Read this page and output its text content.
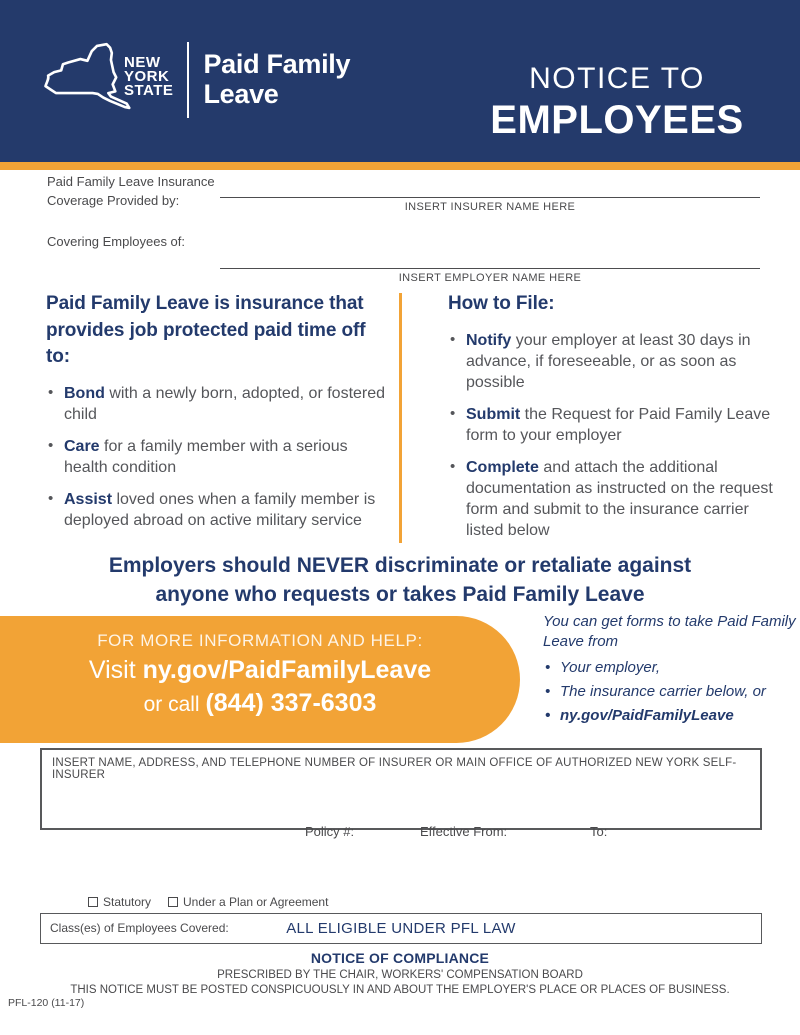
NEW
YORK
STATE
Paid Family
Leave	NOTICE TO
EMPLOYEES
Paid Family Leave Insurance
Coverage Provided by:	INSERT INSURER NAME HERE
Covering Employees of:
INSERT EMPLOYER NAME HERE
Paid Family Leave is insurance that provides job protected paid time off to:
• Bond with a newly born, adopted, or fostered child
• Care for a family member with a serious health condition
• Assist loved ones when a family member is deployed abroad on active military service
How to File:
• Notify your employer at least 30 days in advance, if foreseeable, or as soon as possible
• Submit the Request for Paid Family Leave form to your employer
• Complete and attach the additional documentation as instructed on the request form and submit to the insurance carrier listed below
Employers should NEVER discriminate or retaliate against
anyone who requests or takes Paid Family Leave
FOR MORE INFORMATION AND HELP:
Visit ny.gov/PaidFamilyLeave
or call (844) 337-6303
You can get forms to take Paid Family Leave from
• Your employer,
• The insurance carrier below, or
• ny.gov/PaidFamilyLeave
INSERT NAME, ADDRESS, AND TELEPHONE NUMBER OF INSURER OR MAIN OFFICE OF AUTHORIZED NEW YORK SELF-INSURER
Policy #:	Effective From:	To:
Statutory	Under a Plan or Agreement
Class(es) of Employees Covered:	ALL ELIGIBLE UNDER PFL LAW
NOTICE OF COMPLIANCE
PRESCRIBED BY THE CHAIR, WORKERS' COMPENSATION BOARD
THIS NOTICE MUST BE POSTED CONSPICUOUSLY IN AND ABOUT THE EMPLOYER'S PLACE OR PLACES OF BUSINESS.
PFL-120 (11-17)
